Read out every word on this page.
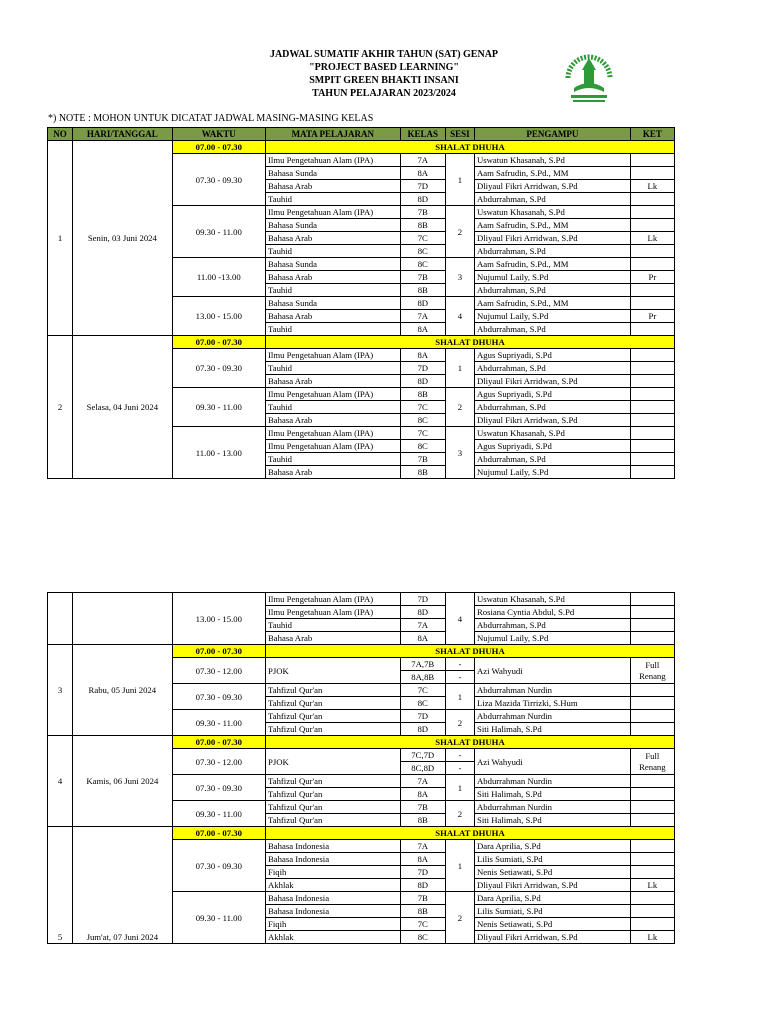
JADWAL SUMATIF AKHIR TAHUN (SAT) GENAP
"PROJECT BASED LEARNING"
SMPIT GREEN BHAKTI INSANI
TAHUN PELAJARAN 2023/2024
*) NOTE : MOHON UNTUK DICATAT JADWAL MASING-MASING KELAS
NO	HARI/TANGGAL	WAKTU	MATA PELAJARAN	KELAS	SESI	PENGAMPU	KET
1	Senin, 03 Juni 2024	07.00 - 07.30	SHALAT DHUHA				
		07.30 - 09.30	Ilmu Pengetahuan Alam (IPA)	7A	1	Uswatun Khasanah, S.Pd	
			Bahasa Sunda	8A		Aam Safrudin, S.Pd., MM	
			Bahasa Arab	7D		Dliyaul Fikri Arridwan, S.Pd	Lk
			Tauhid	8D		Abdurrahman, S.Pd	
		09.30 - 11.00	Ilmu Pengetahuan Alam (IPA)	7B	2	Uswatun Khasanah, S.Pd	
			Bahasa Sunda	8B		Aam Safrudin, S.Pd., MM	
			Bahasa Arab	7C		Dliyaul Fikri Arridwan, S.Pd	Lk
			Tauhid	8C		Abdurrahman, S.Pd	
		11.00 -13.00	Bahasa Sunda	8C	3	Aam Safrudin, S.Pd., MM	
			Bahasa Arab	7B		Nujumul Laily, S.Pd	Pr
			Tauhid	8B		Abdurrahman, S.Pd	
		13.00 - 15.00	Bahasa Sunda	8D	4	Aam Safrudin, S.Pd., MM	
			Bahasa Arab	7A		Nujumul Laily, S.Pd	Pr
			Tauhid	8A		Abdurrahman, S.Pd	
2	Selasa, 04 Juni 2024	07.00 - 07.30	SHALAT DHUHA				
		07.30 - 09.30	Ilmu Pengetahuan Alam (IPA)	8A	1	Agus Supriyadi, S.Pd	
			Tauhid	7D		Abdurrahman, S.Pd	
			Bahasa Arab	8D		Dliyaul Fikri Arridwan, S.Pd	
		09.30 - 11.00	Ilmu Pengetahuan Alam (IPA)	8B	2	Agus Supriyadi, S.Pd	
			Tauhid	7C		Abdurrahman, S.Pd	
			Bahasa Arab	8C		Dliyaul Fikri Arridwan, S.Pd	
		11.00 - 13.00	Ilmu Pengetahuan Alam (IPA)	7C	3	Uswatun Khasanah, S.Pd	
			Ilmu Pengetahuan Alam (IPA)	8C		Agus Supriyadi, S.Pd	
			Tauhid	7B		Abdurrahman, S.Pd	
			Bahasa Arab	8B		Nujumul Laily, S.Pd	
		13.00 - 15.00	Ilmu Pengetahuan Alam (IPA)	7D	4	Uswatun Khasanah, S.Pd	
			Ilmu Pengetahuan Alam (IPA)	8D		Rosiana Cyntia Abdul, S.Pd	
			Tauhid	7A		Abdurrahman, S.Pd	
			Bahasa Arab	8A		Nujumul Laily, S.Pd	
3	Rabu, 05 Juni 2024	07.00 - 07.30	SHALAT DHUHA				
		07.30 - 12.00	PJOK	7A,7B	-	Azi Wahyudi	Full Renang
				8A,8B	-		
		07.30 - 09.30	Tahfizul Qur'an	7C	1	Abdurrahman Nurdin	
			Tahfizul Qur'an	8C		Liza Mazida Tirrizki, S.Hum	
		09.30 - 11.00	Tahfizul Qur'an	7D	2	Abdurrahman Nurdin	
			Tahfizul Qur'an	8D		Siti Halimah, S.Pd	
4	Kamis, 06 Juni 2024	07.00 - 07.30	SHALAT DHUHA				
		07.30 - 12.00	PJOK	7C,7D	-	Azi Wahyudi	Full Renang
				8C,8D	-		
		07.30 - 09.30	Tahfizul Qur'an	7A	1	Abdurrahman Nurdin	
			Tahfizul Qur'an	8A		Siti Halimah, S.Pd	
		09.30 - 11.00	Tahfizul Qur'an	7B	2	Abdurrahman Nurdin	
			Tahfizul Qur'an	8B		Siti Halimah, S.Pd	
5	Jum'at, 07 Juni 2024	07.00 - 07.30	SHALAT DHUHA				
		07.30 - 09.30	Bahasa Indonesia	7A	1	Dara Aprilia, S.Pd	
			Bahasa Indonesia	8A		Lilis Sumiati, S.Pd	
			Fiqih	7D		Nenis Setiawati, S.Pd	
			Akhlak	8D		Dliyaul Fikri Arridwan, S.Pd	Lk
		09.30 - 11.00	Bahasa Indonesia	7B	2	Dara Aprilia, S.Pd	
			Bahasa Indonesia	8B		Lilis Sumiati, S.Pd	
			Fiqih	7C		Nenis Setiawati, S.Pd	
			Akhlak	8C		Dliyaul Fikri Arridwan, S.Pd	Lk
